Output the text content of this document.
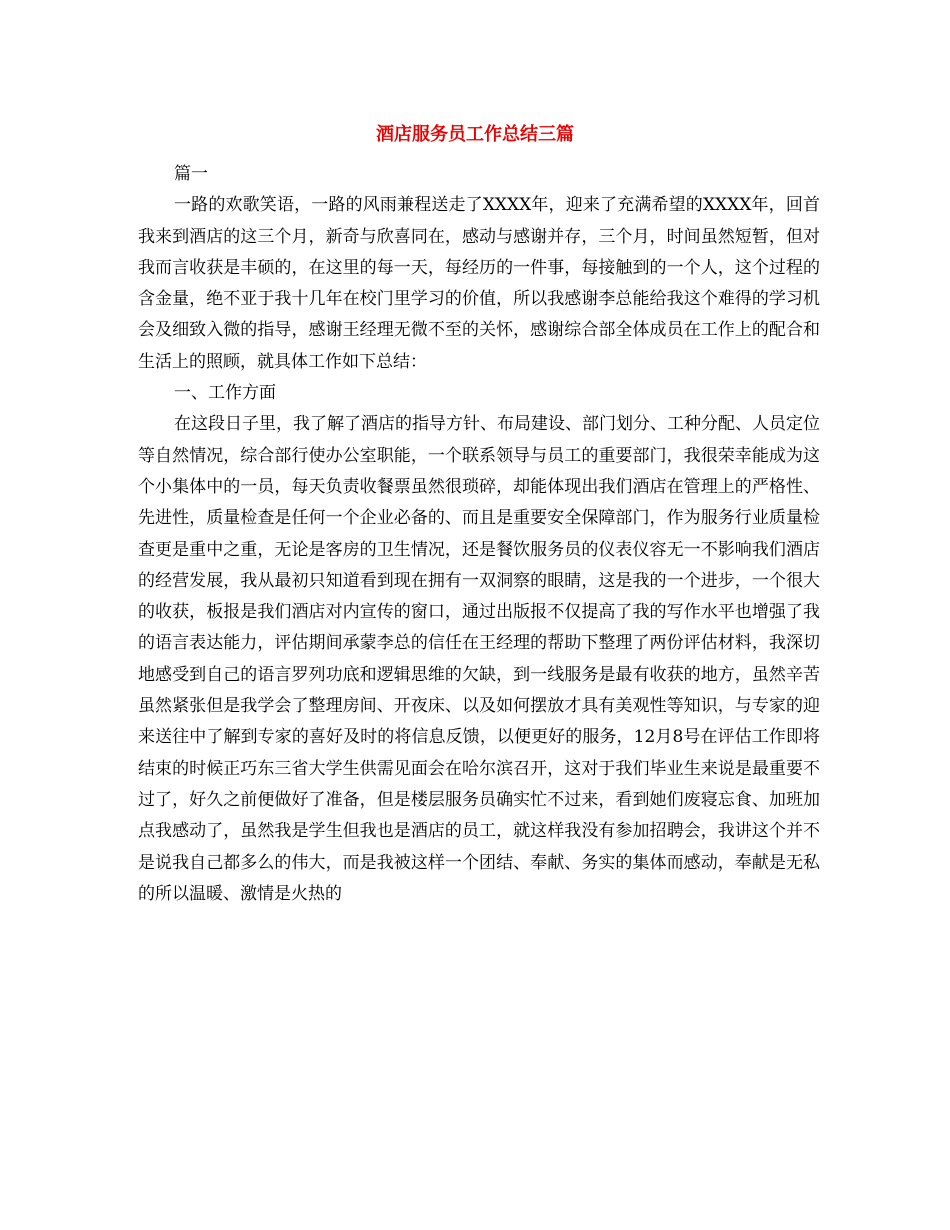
酒店服务员工作总结三篇

篇一

一路的欢歌笑语，一路的风雨兼程送走了XXXX年，迎来了充满希望的XXXX年，回首我来到酒店的这三个月，新奇与欣喜同在，感动与感谢并存，三个月，时间虽然短暂，但对我而言收获是丰硕的，在这里的每一天，每经历的一件事，每接触到的一个人，这个过程的含金量，绝不亚于我十几年在校门里学习的价值，所以我感谢李总能给我这个难得的学习机会及细致入微的指导，感谢王经理无微不至的关怀，感谢综合部全体成员在工作上的配合和生活上的照顾，就具体工作如下总结：

一、工作方面

在这段日子里，我了解了酒店的指导方针、布局建设、部门划分、工种分配、人员定位等自然情况，综合部行使办公室职能，一个联系领导与员工的重要部门，我很荣幸能成为这个小集体中的一员，每天负责收餐票虽然很琐碎，却能体现出我们酒店在管理上的严格性、先进性，质量检查是任何一个企业必备的、而且是重要安全保障部门，作为服务行业质量检查更是重中之重，无论是客房的卫生情况，还是餐饮服务员的仪表仪容无一不影响我们酒店的经营发展，我从最初只知道看到现在拥有一双洞察的眼睛，这是我的一个进步，一个很大的收获，板报是我们酒店对内宣传的窗口，通过出版报不仅提高了我的写作水平也增强了我的语言表达能力，评估期间承蒙李总的信任在王经理的帮助下整理了两份评估材料，我深切地感受到自己的语言罗列功底和逻辑思维的欠缺，到一线服务是最有收获的地方，虽然辛苦虽然紧张但是我学会了整理房间、开夜床、以及如何摆放才具有美观性等知识，与专家的迎来送往中了解到专家的喜好及时的将信息反馈，以便更好的服务，12月8号在评估工作即将结束的时候正巧东三省大学生供需见面会在哈尔滨召开，这对于我们毕业生来说是最重要不过了，好久之前便做好了准备，但是楼层服务员确实忙不过来，看到她们废寝忘食、加班加点我感动了，虽然我是学生但我也是酒店的员工，就这样我没有参加招聘会，我讲这个并不是说我自己都多么的伟大，而是我被这样一个团结、奉献、务实的集体而感动，奉献是无私的所以温暖、激情是火热的
